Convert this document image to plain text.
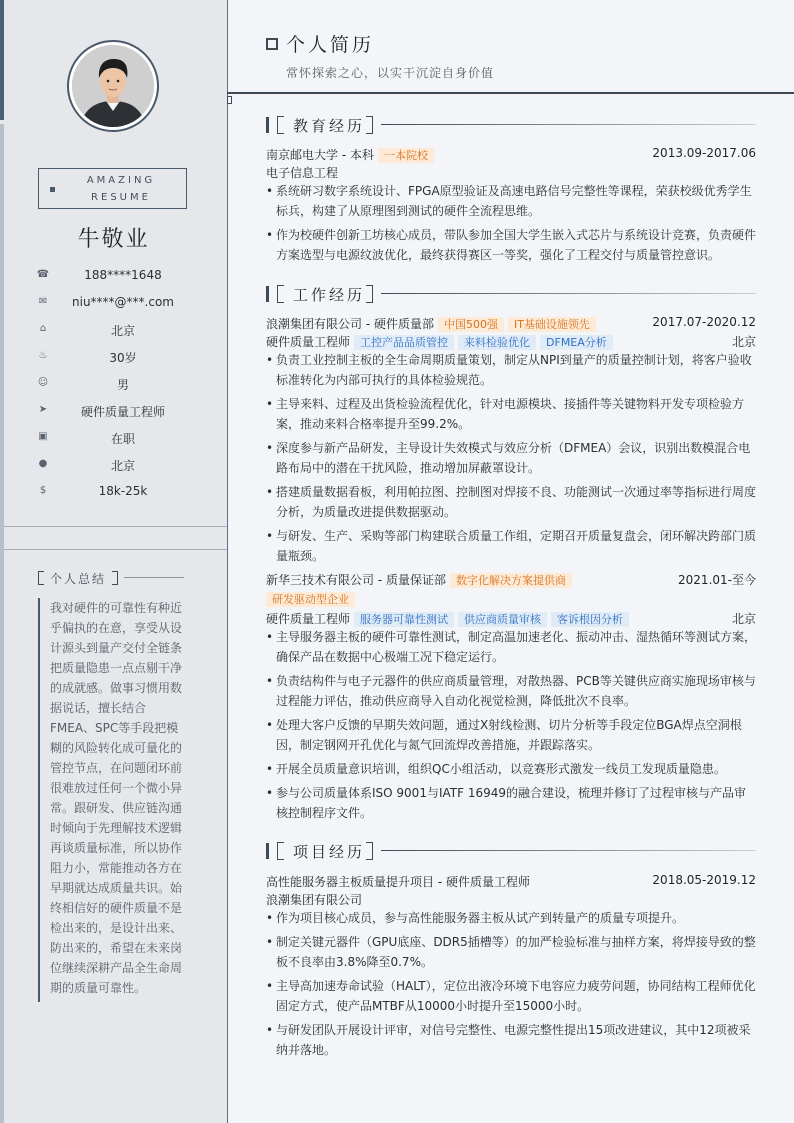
AMAZING
RESUME
牛敬业
☎	188****1648
✉	niu****@***.com
⌂	北京
♨	30岁
☺	男
➤	硬件质量工程师
▣	在职
●	北京
$	18k-25k
个人总结
我对硬件的可靠性有种近乎偏执的在意，享受从设计源头到量产交付全链条把质量隐患一点点剔干净的成就感。做事习惯用数据说话，擅长结合FMEA、SPC等手段把模糊的风险转化成可量化的管控节点，在问题闭环前很难放过任何一个微小异常。跟研发、供应链沟通时倾向于先理解技术逻辑再谈质量标准，所以协作阻力小，常能推动各方在早期就达成质量共识。始终相信好的硬件质量不是检出来的，是设计出来、防出来的，希望在未来岗位继续深耕产品全生命周期的质量可靠性。
个人简历
常怀探索之心，以实干沉淀自身价值
教育经历
南京邮电大学 - 本科 一本院校	2013.09-2017.06
电子信息工程
• 系统研习数字系统设计、FPGA原型验证及高速电路信号完整性等课程，荣获校级优秀学生标兵，构建了从原理图到测试的硬件全流程思维。
• 作为校硬件创新工坊核心成员，带队参加全国大学生嵌入式芯片与系统设计竞赛，负责硬件方案选型与电源纹波优化，最终获得赛区一等奖，强化了工程交付与质量管控意识。
工作经历
浪潮集团有限公司 - 硬件质量部 中国500强 IT基础设施领先	2017.07-2020.12
硬件质量工程师 工控产品品质管控 来料检验优化 DFMEA分析	北京
• 负责工业控制主板的全生命周期质量策划，制定从NPI到量产的质量控制计划，将客户验收标准转化为内部可执行的具体检验规范。
• 主导来料、过程及出货检验流程优化，针对电源模块、接插件等关键物料开发专项检验方案，推动来料合格率提升至99.2%。
• 深度参与新产品研发，主导设计失效模式与效应分析（DFMEA）会议，识别出数模混合电路布局中的潜在干扰风险，推动增加屏蔽罩设计。
• 搭建质量数据看板，利用帕拉图、控制图对焊接不良、功能测试一次通过率等指标进行周度分析，为质量改进提供数据驱动。
• 与研发、生产、采购等部门构建联合质量工作组，定期召开质量复盘会，闭环解决跨部门质量瓶颈。
新华三技术有限公司 - 质量保证部 数字化解决方案提供商	2021.01-至今
研发驱动型企业
硬件质量工程师 服务器可靠性测试 供应商质量审核 客诉根因分析	北京
• 主导服务器主板的硬件可靠性测试，制定高温加速老化、振动冲击、湿热循环等测试方案，确保产品在数据中心极端工况下稳定运行。
• 负责结构件与电子元器件的供应商质量管理，对散热器、PCB等关键供应商实施现场审核与过程能力评估，推动供应商导入自动化视觉检测，降低批次不良率。
• 处理大客户反馈的早期失效问题，通过X射线检测、切片分析等手段定位BGA焊点空洞根因，制定钢网开孔优化与氮气回流焊改善措施，并跟踪落实。
• 开展全员质量意识培训，组织QC小组活动，以竞赛形式激发一线员工发现质量隐患。
• 参与公司质量体系ISO 9001与IATF 16949的融合建设，梳理并修订了过程审核与产品审核控制程序文件。
项目经历
高性能服务器主板质量提升项目 - 硬件质量工程师	2018.05-2019.12
浪潮集团有限公司
• 作为项目核心成员，参与高性能服务器主板从试产到转量产的质量专项提升。
• 制定关键元器件（GPU底座、DDR5插槽等）的加严检验标准与抽样方案，将焊接导致的整板不良率由3.8%降至0.7%。
• 主导高加速寿命试验（HALT），定位出液冷环境下电容应力疲劳问题，协同结构工程师优化固定方式，使产品MTBF从10000小时提升至15000小时。
• 与研发团队开展设计评审，对信号完整性、电源完整性提出15项改进建议，其中12项被采纳并落地。
